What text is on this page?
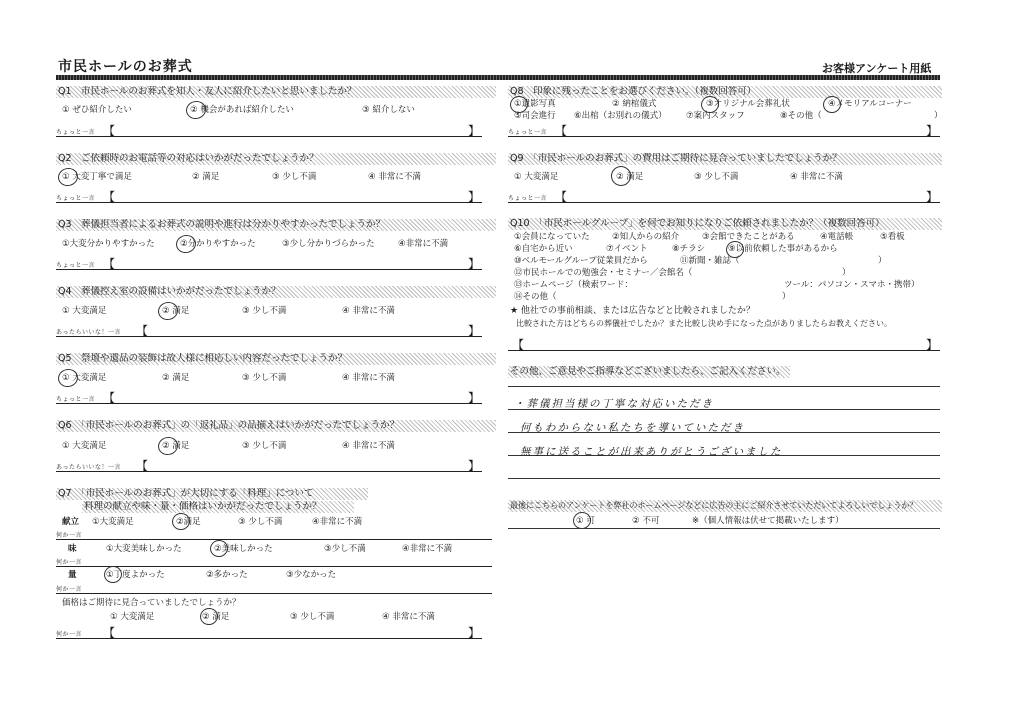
市民ホールのお葬式	お客様アンケート用紙
Q1　市民ホールのお葬式を知人・友人に紹介したいと思いましたか？
① ぜひ紹介したい	② 機会があれば紹介したい	③ 紹介しない
ちょっと一言 【	】
Q2　ご依頼時のお電話等の対応はいかがだったでしょうか？
① 大変丁寧で満足	② 満足	③ 少し不満	④ 非常に不満
ちょっと一言 【	】
Q3　葬儀担当者によるお葬式の説明や進行は分かりやすかったでしょうか？
①大変分かりやすかった	②分かりやすかった	③少し分かりづらかった	④非常に不満
ちょっと一言 【	】
Q4　葬儀控え室の設備はいかがだったでしょうか？
① 大変満足	② 満足	③ 少し不満	④ 非常に不満
あったらいいな！一言 【	】
Q5　祭壇や遺品の装飾は故人様に相応しい内容だったでしょうか？
① 大変満足	② 満足	③ 少し不満	④ 非常に不満
ちょっと一言 【	】
Q6　「市民ホールのお葬式」の「返礼品」の品揃えはいかがだったでしょうか？
① 大変満足	② 満足	③ 少し不満	④ 非常に不満
あったらいいな！一言 【	】
Q7　「市民ホールのお葬式」が大切にする「料理」について
料理の献立や味・量・価格はいかがだったでしょうか？
献立 ①大変満足	②満足	③ 少し不満	④非常に不満
何か一言
味	①大変美味しかった	②美味しかった	③少し不満	④非常に不満
何か一言
量	①丁度よかった	②多かった	③少なかった
何か一言
価格はご期待に見合っていましたでしょうか？
① 大変満足	② 満足	③ 少し不満	④ 非常に不満
何か一言 【	】
Q8　印象に残ったことをお選びください。（複数回答可）
①遺影写真	② 納棺儀式	③オリジナル会葬礼状	④メモリアルコーナー
⑤司会進行 ⑥出棺（お別れの儀式） ⑦案内スタッフ	⑧その他（	）
ちょっと一言 【	】
Q9　「市民ホールのお葬式」の費用はご期待に見合っていましたでしょうか？
① 大変満足	② 満足	③ 少し不満	④ 非常に不満
ちょっと一言 【	】
Q10　「市民ホールグループ」を何でお知りになりご依頼されましたか？（複数回答可）
①会員になっていた	②知人からの紹介	③会館できたことがある	④電話帳	⑤看板
⑥自宅から近い	⑦イベント	⑧チラシ	⑨以前依頼した事があるから
⑩ベルモールグループ従業員だから	⑪新聞・雑誌（	）
⑫市民ホールでの勉強会・セミナー／会館名（	）
⑬ホームページ（検索ワード：	ツール：パソコン・スマホ・携帯）
⑭その他（	）
★ 他社での事前相談、または広告などと比較されましたか？
比較された方はどちらの葬儀社でしたか？また比較し決め手になった点がありましたらお教えください。
【	】
その他、ご意見やご指導などございましたら、ご記入ください。
・葬儀担当様の丁寧な対応いただき
何もわからない私たちを導いていただき
無事に送ることが出来ありがとうございました
最後にこちらのアンケートを弊社のホームページなどに広告の主にご紹介させていただいてよろしいでしょうか？
① 可	② 不可	※（個人情報は伏せて掲載いたします）
